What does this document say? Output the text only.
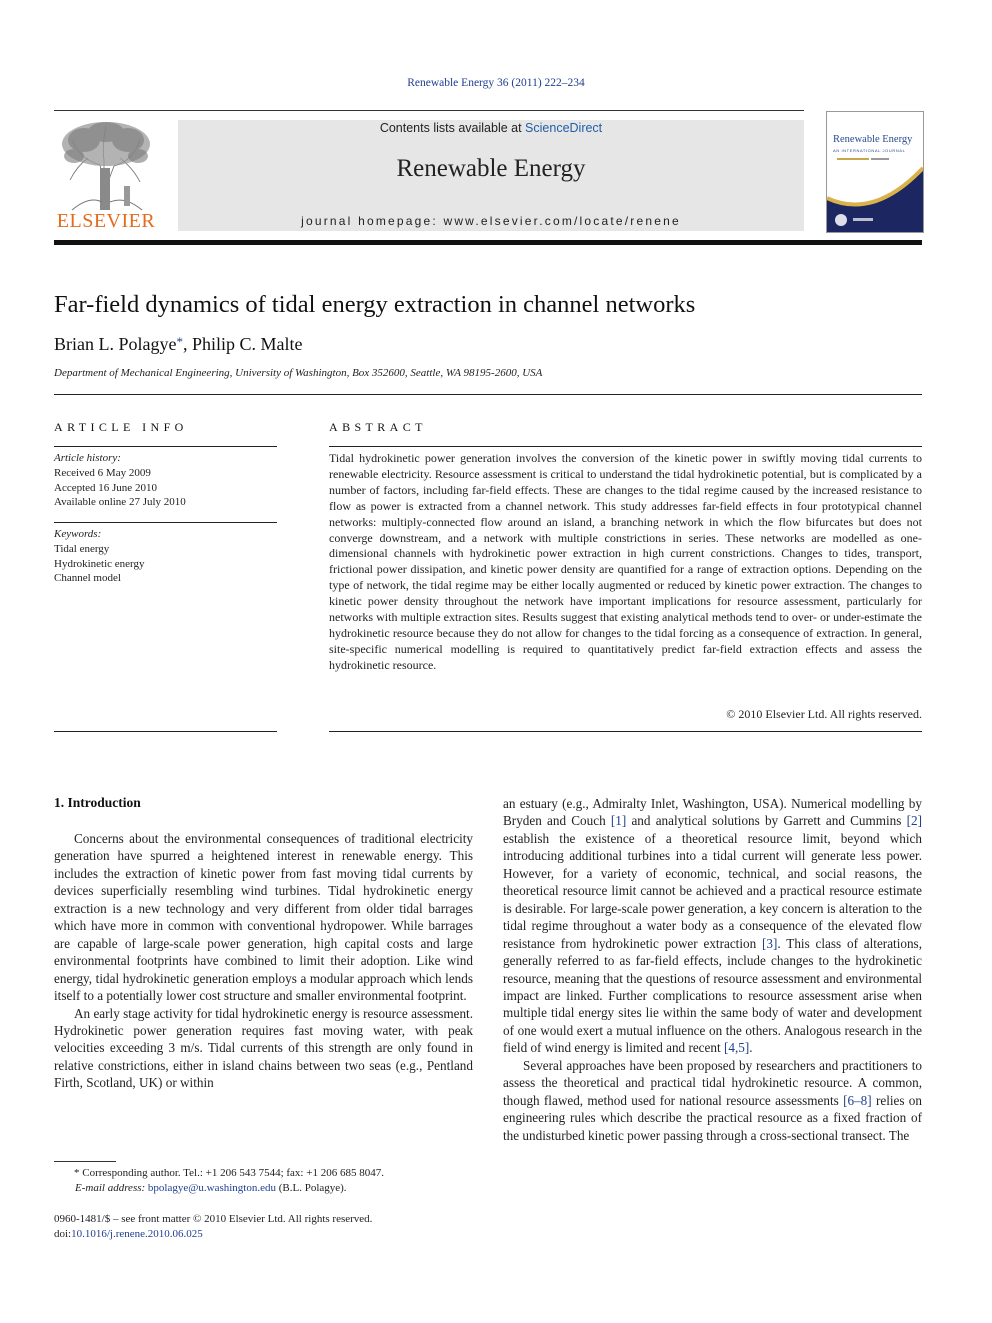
Renewable Energy 36 (2011) 222–234
ELSEVIER
Contents lists available at ScienceDirect
Renewable Energy
journal homepage: www.elsevier.com/locate/renene
Renewable Energy
AN INTERNATIONAL JOURNAL
Far-field dynamics of tidal energy extraction in channel networks
Brian L. Polagye*, Philip C. Malte
Department of Mechanical Engineering, University of Washington, Box 352600, Seattle, WA 98195-2600, USA
ARTICLE INFO
Article history:
Received 6 May 2009
Accepted 16 June 2010
Available online 27 July 2010
Keywords:
Tidal energy
Hydrokinetic energy
Channel model
ABSTRACT
Tidal hydrokinetic power generation involves the conversion of the kinetic power in swiftly moving tidal currents to renewable electricity. Resource assessment is critical to understand the tidal hydrokinetic potential, but is complicated by a number of factors, including far-field effects. These are changes to the tidal regime caused by the increased resistance to flow as power is extracted from a channel network. This study addresses far-field effects in four prototypical channel networks: multiply-connected flow around an island, a branching network in which the flow bifurcates but does not converge downstream, and a network with multiple constrictions in series. These networks are modelled as one-dimensional channels with hydrokinetic power extraction in high current constrictions. Changes to tides, transport, frictional power dissipation, and kinetic power density are quantified for a range of extraction options. Depending on the type of network, the tidal regime may be either locally augmented or reduced by kinetic power extraction. The changes to kinetic power density throughout the network have important implications for resource assessment, particularly for networks with multiple extraction sites. Results suggest that existing analytical methods tend to over- or under-estimate the hydrokinetic resource because they do not allow for changes to the tidal forcing as a consequence of extraction. In general, site-specific numerical modelling is required to quantitatively predict far-field extraction effects and assess the hydrokinetic resource.
© 2010 Elsevier Ltd. All rights reserved.
1. Introduction

Concerns about the environmental consequences of traditional electricity generation have spurred a heightened interest in renewable energy. This includes the extraction of kinetic power from fast moving tidal currents by devices superficially resembling wind turbines. Tidal hydrokinetic energy extraction is a new technology and very different from older tidal barrages which have more in common with conventional hydropower. While barrages are capable of large-scale power generation, high capital costs and large environmental footprints have combined to limit their adoption. Like wind energy, tidal hydrokinetic generation employs a modular approach which lends itself to a potentially lower cost structure and smaller environmental footprint.

An early stage activity for tidal hydrokinetic energy is resource assessment. Hydrokinetic power generation requires fast moving water, with peak velocities exceeding 3 m/s. Tidal currents of this strength are only found in relative constrictions, either in island chains between two seas (e.g., Pentland Firth, Scotland, UK) or within

an estuary (e.g., Admiralty Inlet, Washington, USA). Numerical modelling by Bryden and Couch [1] and analytical solutions by Garrett and Cummins [2] establish the existence of a theoretical resource limit, beyond which introducing additional turbines into a tidal current will generate less power. However, for a variety of economic, technical, and social reasons, the theoretical resource limit cannot be achieved and a practical resource estimate is desirable. For large-scale power generation, a key concern is alteration to the tidal regime throughout a water body as a consequence of the elevated flow resistance from hydrokinetic power extraction [3]. This class of alterations, generally referred to as far-field effects, include changes to the hydrokinetic resource, meaning that the questions of resource assessment and environmental impact are linked. Further complications to resource assessment arise when multiple tidal energy sites lie within the same body of water and development of one would exert a mutual influence on the others. Analogous research in the field of wind energy is limited and recent [4,5].

Several approaches have been proposed by researchers and practitioners to assess the theoretical and practical tidal hydrokinetic resource. A common, though flawed, method used for national resource assessments [6–8] relies on engineering rules which describe the practical resource as a fixed fraction of the undisturbed kinetic power passing through a cross-sectional transect. The

* Corresponding author. Tel.: +1 206 543 7544; fax: +1 206 685 8047.
E-mail address: bpolagye@u.washington.edu (B.L. Polagye).
0960-1481/$ – see front matter © 2010 Elsevier Ltd. All rights reserved.
doi:10.1016/j.renene.2010.06.025
